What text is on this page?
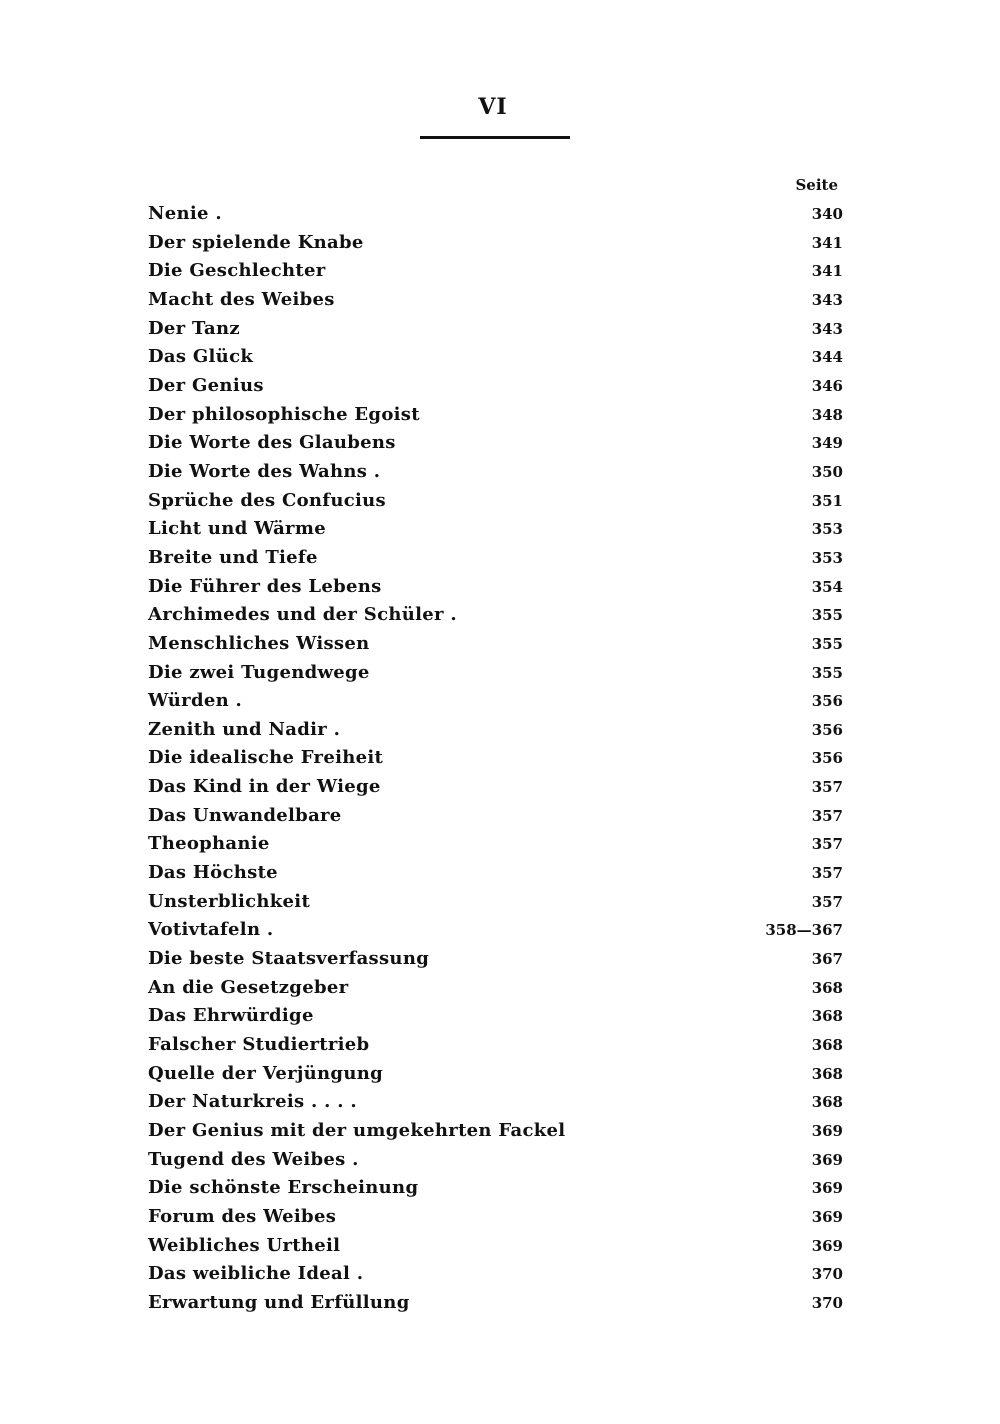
VI
Seite
Nenie .	340
Der spielende Knabe	341
Die Geschlechter	341
Macht des Weibes	343
Der Tanz	343
Das Glück	344
Der Genius	346
Der philosophische Egoist	348
Die Worte des Glaubens	349
Die Worte des Wahns .	350
Sprüche des Confucius	351
Licht und Wärme	353
Breite und Tiefe	353
Die Führer des Lebens	354
Archimedes und der Schüler .	355
Menschliches Wissen	355
Die zwei Tugendwege	355
Würden .	356
Zenith und Nadir .	356
Die idealische Freiheit	356
Das Kind in der Wiege	357
Das Unwandelbare	357
Theophanie	357
Das Höchste	357
Unsterblichkeit	357
Votivtafeln .	358—367
Die beste Staatsverfassung	367
An die Gesetzgeber	368
Das Ehrwürdige	368
Falscher Studiertrieb	368
Quelle der Verjüngung	368
Der Naturkreis . . . .	368
Der Genius mit der umgekehrten Fackel	369
Tugend des Weibes .	369
Die schönste Erscheinung	369
Forum des Weibes	369
Weibliches Urtheil	369
Das weibliche Ideal .	370
Erwartung und Erfüllung	370
